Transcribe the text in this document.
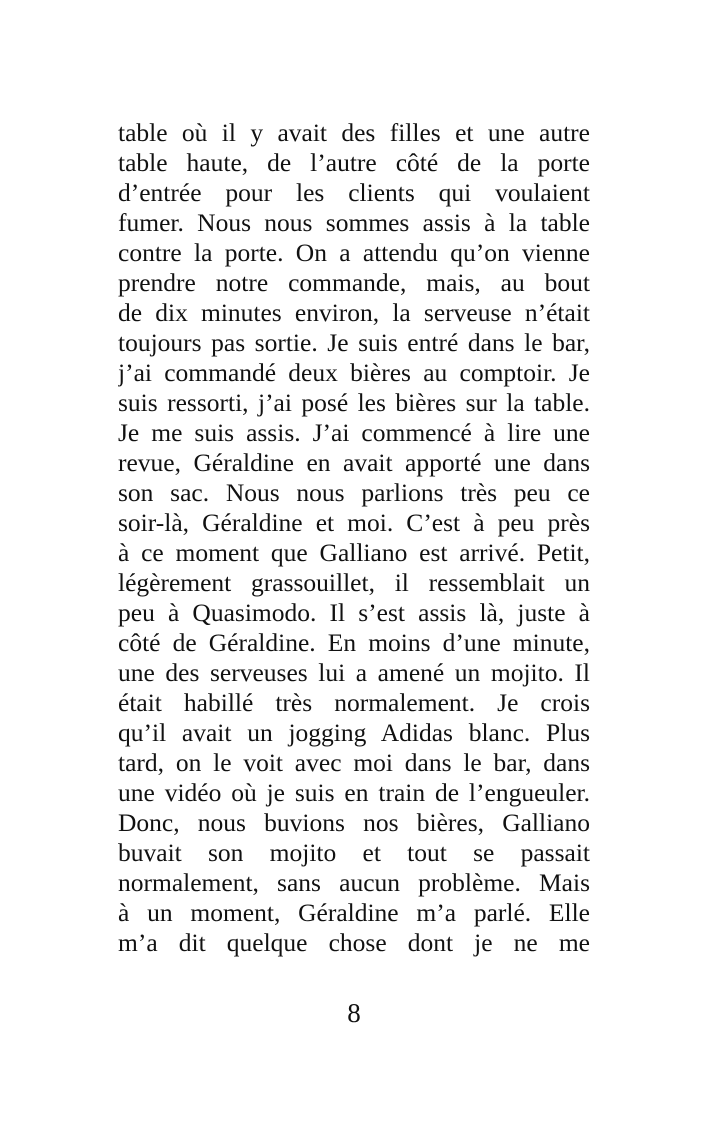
table où il y avait des filles et une autre
table haute, de l’autre côté de la porte
d’entrée pour les clients qui voulaient
fumer. Nous nous sommes assis à la table
contre la porte. On a attendu qu’on vienne
prendre notre commande, mais, au bout
de dix minutes environ, la serveuse n’était
toujours pas sortie. Je suis entré dans le bar,
j’ai commandé deux bières au comptoir. Je
suis ressorti, j’ai posé les bières sur la table.
Je me suis assis. J’ai commencé à lire une
revue, Géraldine en avait apporté une dans
son sac. Nous nous parlions très peu ce
soir-là, Géraldine et moi. C’est à peu près
à ce moment que Galliano est arrivé. Petit,
légèrement grassouillet, il ressemblait un
peu à Quasimodo. Il s’est assis là, juste à
côté de Géraldine. En moins d’une minute,
une des serveuses lui a amené un mojito. Il
était habillé très normalement. Je crois
qu’il avait un jogging Adidas blanc. Plus
tard, on le voit avec moi dans le bar, dans
une vidéo où je suis en train de l’engueuler.
Donc, nous buvions nos bières, Galliano
buvait son mojito et tout se passait
normalement, sans aucun problème. Mais
à un moment, Géraldine m’a parlé. Elle
m’a dit quelque chose dont je ne me
8
